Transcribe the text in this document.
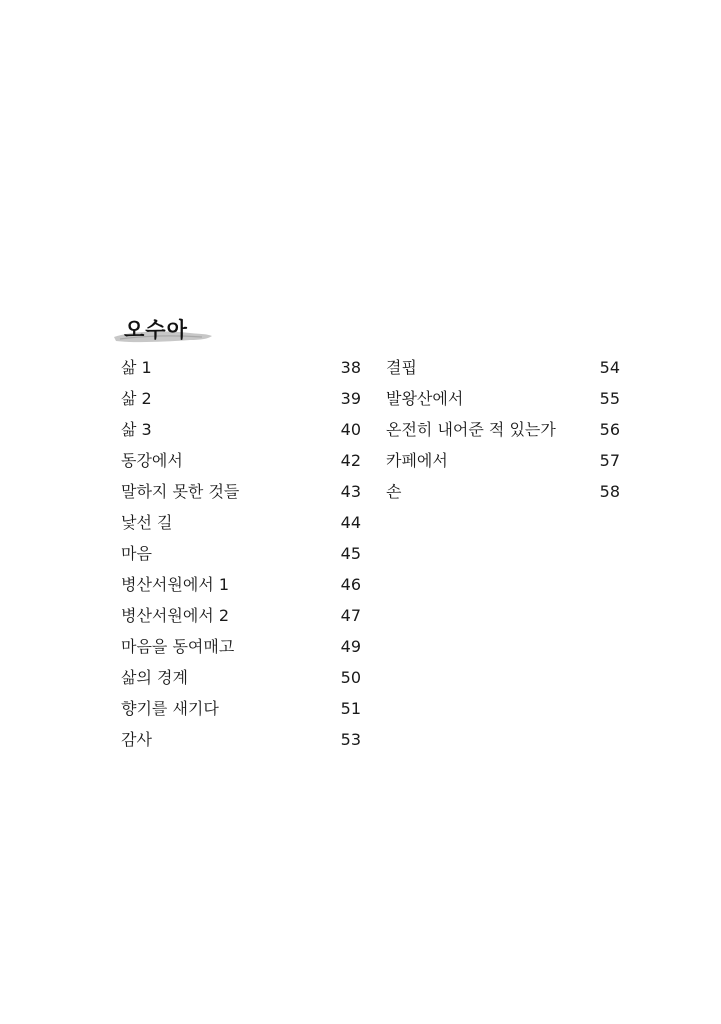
오수아
삶 1	38
삶 2	39
삶 3	40
동강에서	42
말하지 못한 것들	43
낯선 길	44
마음	45
병산서원에서 1	46
병산서원에서 2	47
마음을 동여매고	49
삶의 경계	50
향기를 새기다	51
감사	53
결핍	54
발왕산에서	55
온전히 내어준 적 있는가	56
카페에서	57
손	58
